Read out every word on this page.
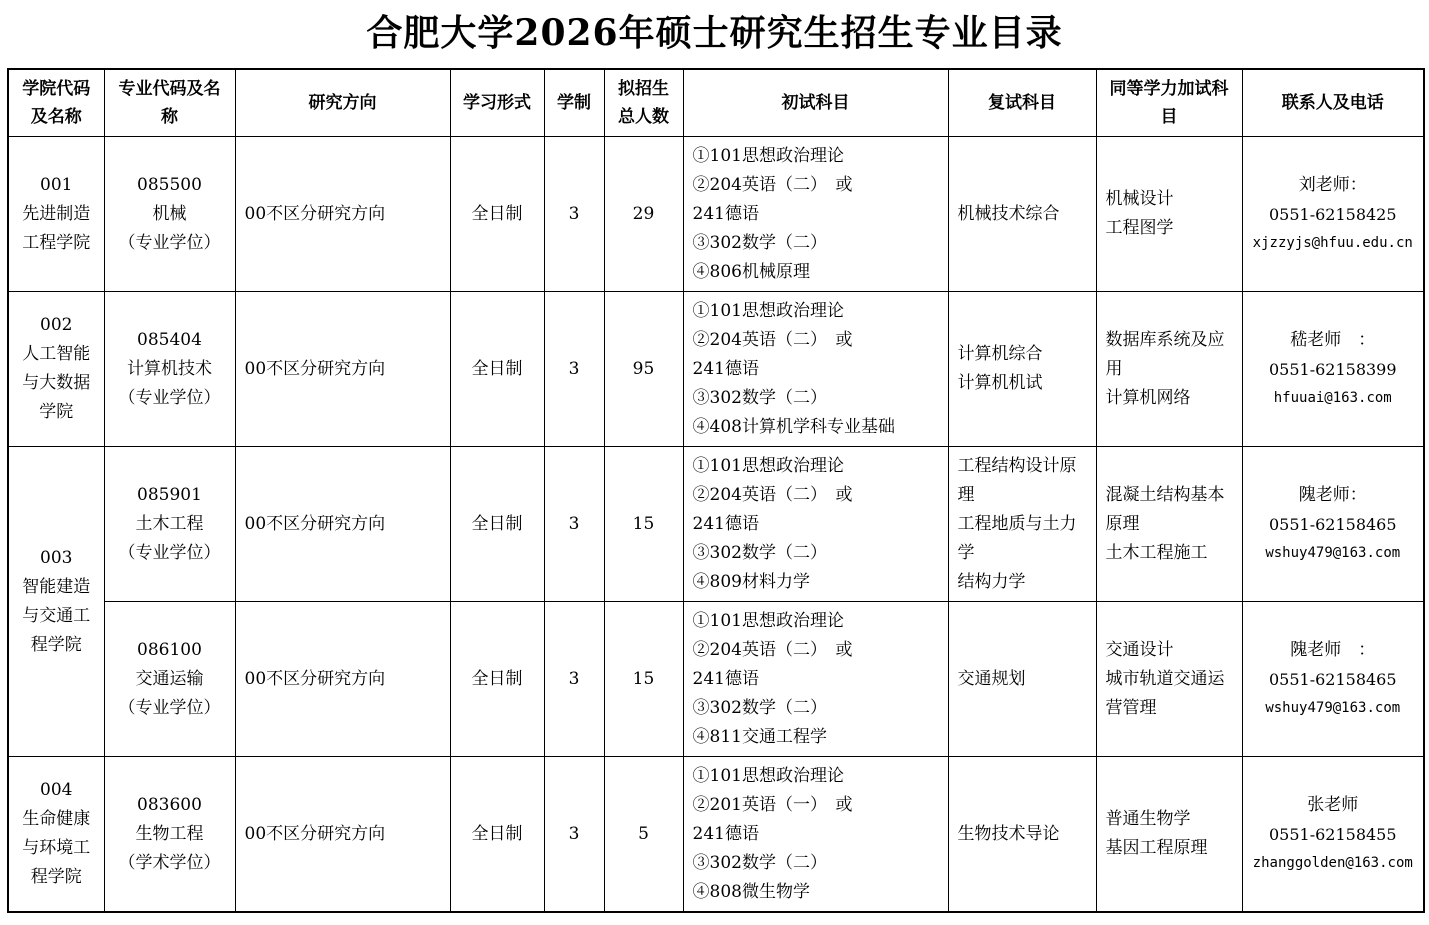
合肥大学2026年硕士研究生招生专业目录
学院代码
及名称	专业代码及名
称	研究方向	学习形式	学制	拟招生
总人数	初试科目	复试科目	同等学力加试科
目	联系人及电话

001
先进制造
工程学院	085500
机械
（专业学位）	00不区分研究方向	全日制	3	29	①101思想政治理论
②204英语（二）　或
241德语
③302数学（二）
④806机械原理	机械技术综合	机械设计
工程图学	刘老师：
0551-62158425
xjzzyjs@hfuu.edu.cn

002
人工智能
与大数据
学院	085404
计算机技术
（专业学位）	00不区分研究方向	全日制	3	95	①101思想政治理论
②204英语（二）　或
241德语
③302数学（二）
④408计算机学科专业基础	计算机综合
计算机机试	数据库系统及应
用
计算机网络	嵇老师　：
0551-62158399
hfuuai@163.com

003
智能建造
与交通工
程学院	085901
土木工程
（专业学位）	00不区分研究方向	全日制	3	15	①101思想政治理论
②204英语（二）　或
241德语
③302数学（二）
④809材料力学	工程结构设计原
理
工程地质与土力
学
结构力学	混凝土结构基本
原理
土木工程施工	隗老师：
0551-62158465
wshuy479@163.com

	086100
交通运输
（专业学位）	00不区分研究方向	全日制	3	15	①101思想政治理论
②204英语（二）　或
241德语
③302数学（二）
④811交通工程学	交通规划	交通设计
城市轨道交通运
营管理	隗老师　：
0551-62158465
wshuy479@163.com

004
生命健康
与环境工
程学院	083600
生物工程
（学术学位）	00不区分研究方向	全日制	3	5	①101思想政治理论
②201英语（一）　或
241德语
③302数学（二）
④808微生物学	生物技术导论	普通生物学
基因工程原理	张老师
0551-62158455
zhanggolden@163.com
